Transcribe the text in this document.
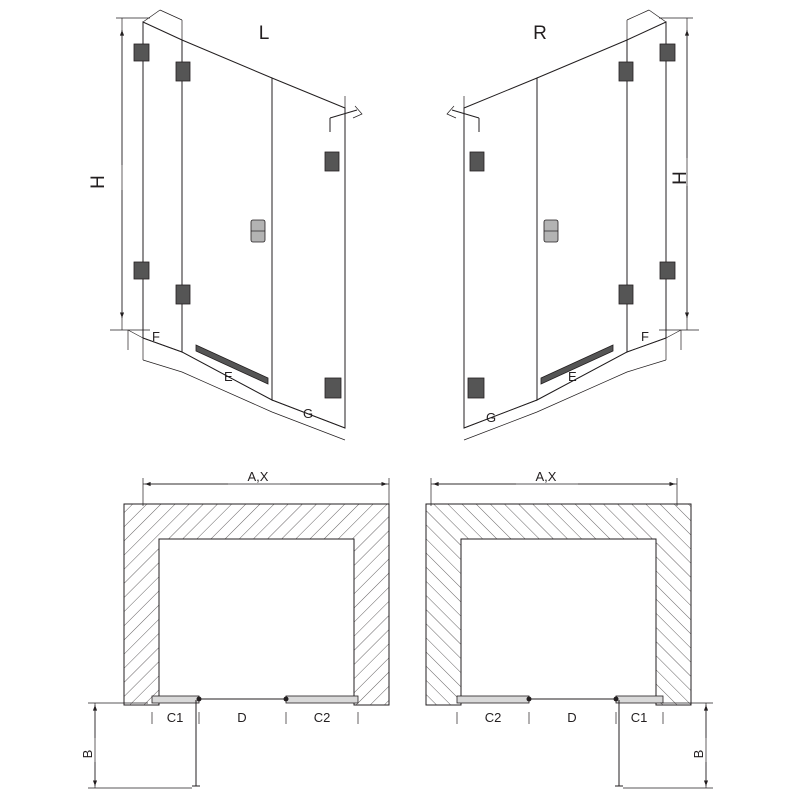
F
E
G
H
L
F
E
G
H
R
A,X
C1	D	C2
B
A,X
C2	D	C1
B
